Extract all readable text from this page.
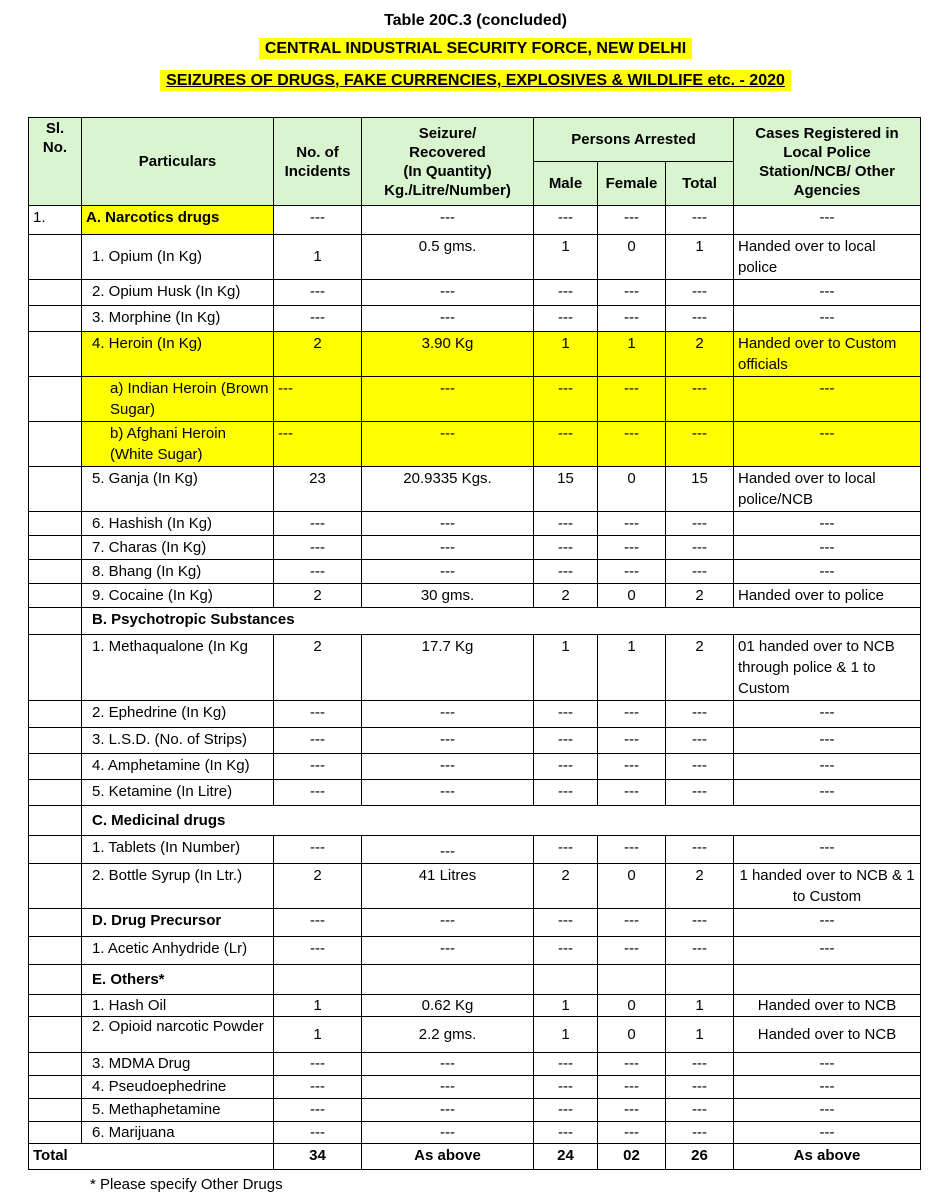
Table 20C.3 (concluded)
CENTRAL INDUSTRIAL SECURITY FORCE, NEW DELHI
SEIZURES OF DRUGS, FAKE CURRENCIES, EXPLOSIVES & WILDLIFE etc. - 2020
Sl. No.	Particulars	No. of Incidents	Seizure/
Recovered
(In Quantity)
Kg./Litre/Number)	Persons Arrested			Cases Registered in Local Police Station/NCB/ Other Agencies
				Male	Female	Total	
1.	A. Narcotics drugs	---	---	---	---	---	---
	1. Opium (In Kg)	1	0.5 gms.	1	0	1	Handed over to local police
	2. Opium Husk (In Kg)	---	---	---	---	---	---
	3. Morphine (In Kg)	---	---	---	---	---	---
	4. Heroin (In Kg)	2	3.90 Kg	1	1	2	Handed over to Custom officials
	a) Indian Heroin (Brown Sugar)	---	---	---	---	---	---
	b) Afghani Heroin (White Sugar)	---	---	---	---	---	---
	5. Ganja (In Kg)	23	20.9335 Kgs.	15	0	15	Handed over to local police/NCB
	6. Hashish (In Kg)	---	---	---	---	---	---
	7. Charas (In Kg)	---	---	---	---	---	---
	8. Bhang (In Kg)	---	---	---	---	---	---
	9. Cocaine (In Kg)	2	30 gms.	2	0	2	Handed over to police
	B. Psychotropic Substances						
	1. Methaqualone (In Kg	2	17.7 Kg	1	1	2	01 handed over to NCB through police & 1 to Custom
	2. Ephedrine (In Kg)	---	---	---	---	---	---
	3. L.S.D. (No. of Strips)	---	---	---	---	---	---
	4. Amphetamine (In Kg)	---	---	---	---	---	---
	5. Ketamine (In Litre)	---	---	---	---	---	---
	C. Medicinal drugs						
	1. Tablets (In Number)	---	---	---	---	---	---
	2. Bottle Syrup (In Ltr.)	2	41 Litres	2	0	2	1 handed over to NCB & 1 to Custom
	D. Drug Precursor	---	---	---	---	---	---
	1. Acetic Anhydride (Lr)	---	---	---	---	---	---
	E. Others*						
	1. Hash Oil	1	0.62 Kg	1	0	1	Handed over to NCB
	2. Opioid narcotic Powder	1	2.2 gms.	1	0	1	Handed over to NCB
	3. MDMA Drug	---	---	---	---	---	---
	4. Pseudoephedrine	---	---	---	---	---	---
	5. Methaphetamine	---	---	---	---	---	---
	6. Marijuana	---	---	---	---	---	---
Total		34	As above	24	02	26	As above
* Please specify Other Drugs
